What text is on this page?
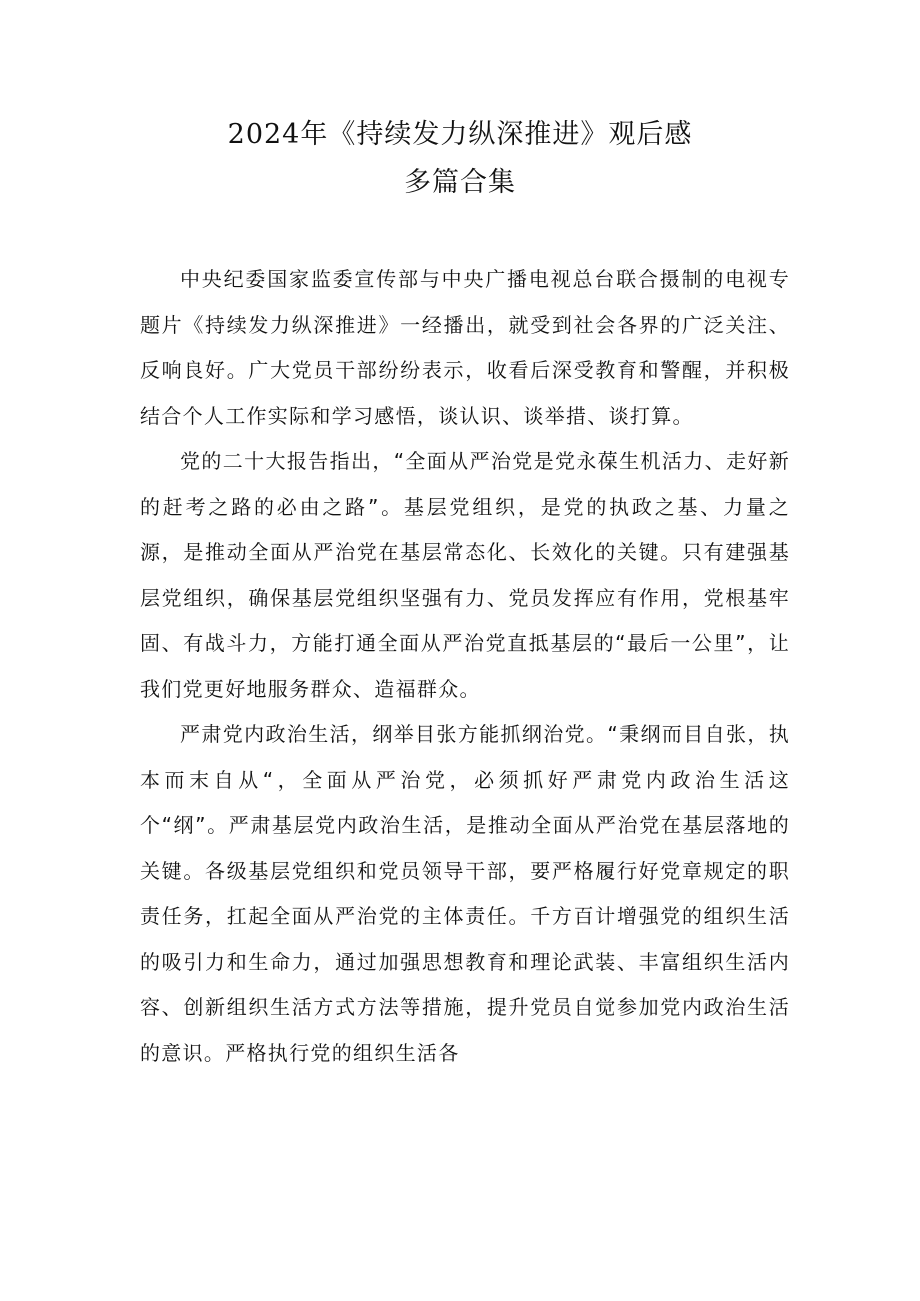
2024年《持续发力纵深推进》观后感
多篇合集

中央纪委国家监委宣传部与中央广播电视总台联合摄制的电视专题片《持续发力纵深推进》一经播出，就受到社会各界的广泛关注、反响良好。广大党员干部纷纷表示，收看后深受教育和警醒，并积极结合个人工作实际和学习感悟，谈认识、谈举措、谈打算。

党的二十大报告指出，“全面从严治党是党永葆生机活力、走好新的赶考之路的必由之路”。基层党组织，是党的执政之基、力量之源，是推动全面从严治党在基层常态化、长效化的关键。只有建强基层党组织，确保基层党组织坚强有力、党员发挥应有作用，党根基牢固、有战斗力，方能打通全面从严治党直抵基层的“最后一公里”，让我们党更好地服务群众、造福群众。

严肃党内政治生活，纲举目张方能抓纲治党。“秉纲而目自张，执本而末自从“，全面从严治党，必须抓好严肃党内政治生活这个“纲”。严肃基层党内政治生活，是推动全面从严治党在基层落地的关键。各级基层党组织和党员领导干部，要严格履行好党章规定的职责任务，扛起全面从严治党的主体责任。千方百计增强党的组织生活的吸引力和生命力，通过加强思想教育和理论武装、丰富组织生活内容、创新组织生活方式方法等措施，提升党员自觉参加党内政治生活的意识。严格执行党的组织生活各
